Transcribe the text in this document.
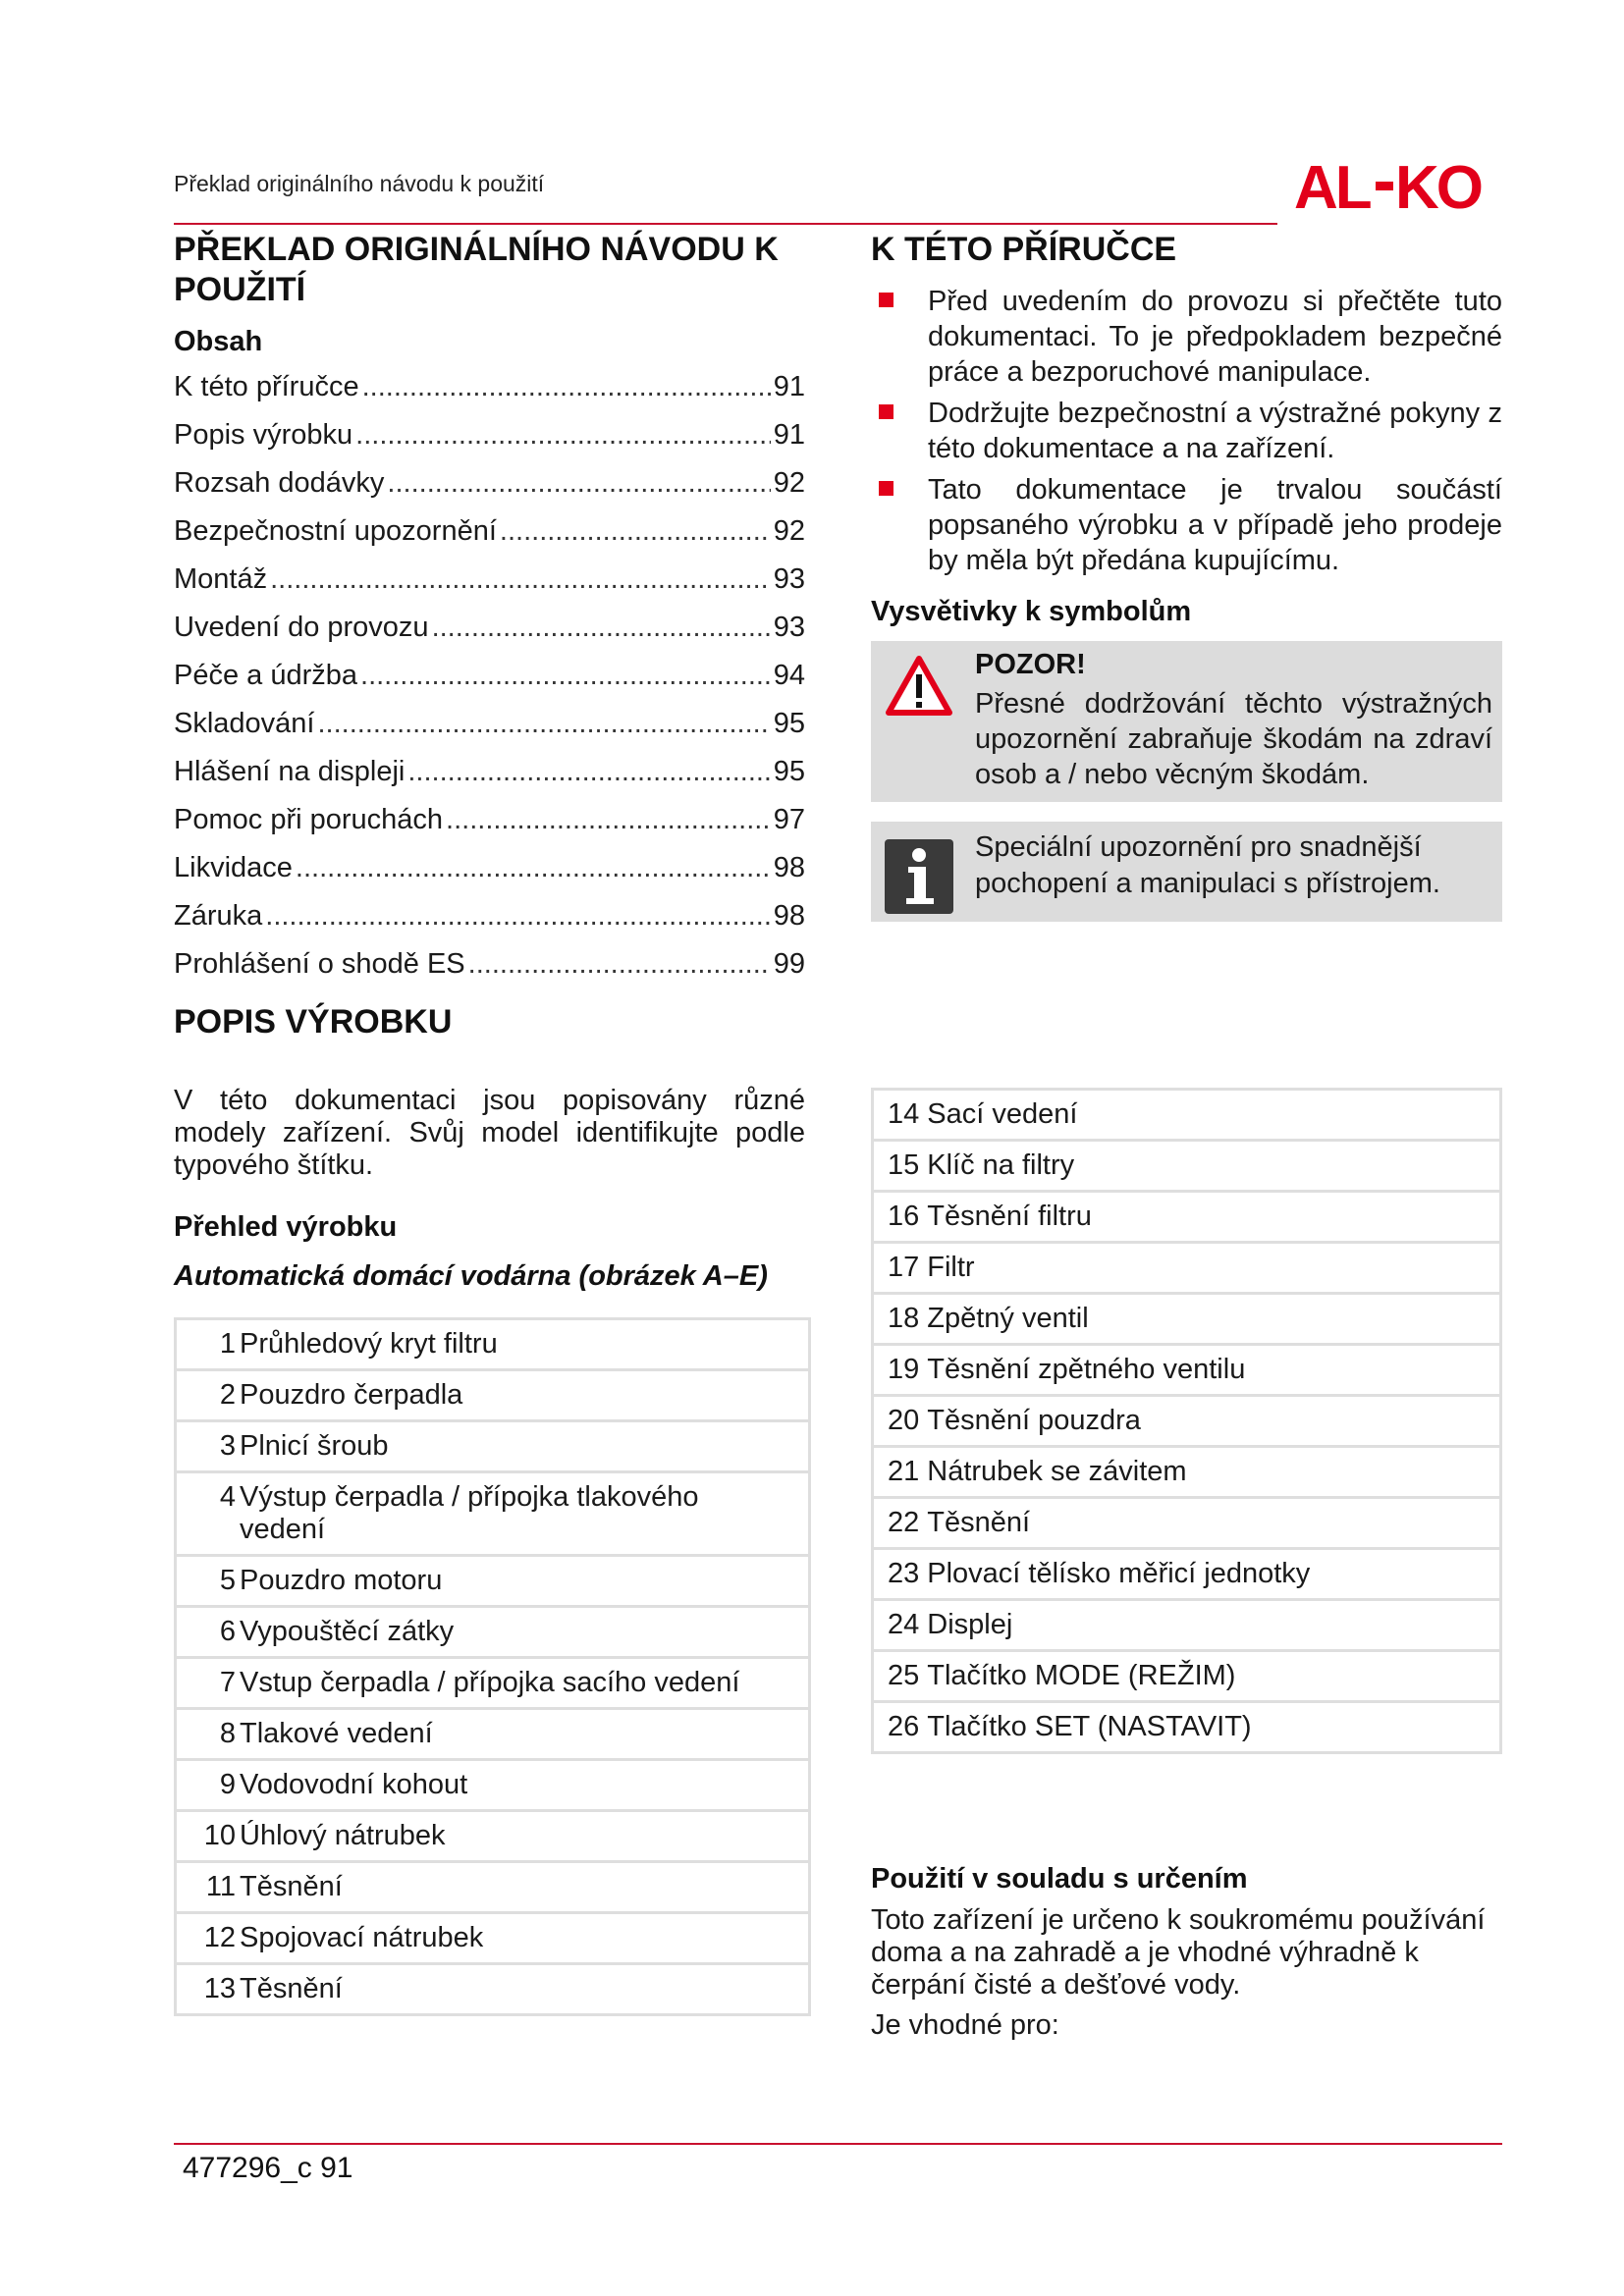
Překlad originálního návodu k použití	AL KO
PŘEKLAD ORIGINÁLNÍHO NÁVODU K POUŽITÍ
Obsah
K této příručce .....	91
Popis výrobku .....	91
Rozsah dodávky .....	92
Bezpečnostní upozornění .....	92
Montáž .....	93
Uvedení do provozu .....	93
Péče a údržba .....	94
Skladování .....	95
Hlášení na displeji .....	95
Pomoc při poruchách .....	97
Likvidace .....	98
Záruka .....	98
Prohlášení o shodě ES .....	99
POPIS VÝROBKU

V této dokumentaci jsou popisovány různé modely zařízení. Svůj model identifikujte podle typového štítku.

Přehled výrobku
Automatická domácí vodárna (obrázek A–E)
1 Průhledový kryt filtru
2 Pouzdro čerpadla
3 Plnicí šroub
4 Výstup čerpadla / přípojka tlakového vedení
5 Pouzdro motoru
6 Vypouštěcí zátky
7 Vstup čerpadla / přípojka sacího vedení
8 Tlakové vedení
9 Vodovodní kohout
10 Úhlový nátrubek
11 Těsnění
12 Spojovací nátrubek
13 Těsnění
K TÉTO PŘÍRUČCE
Před uvedením do provozu si přečtěte tuto dokumentaci. To je předpokladem bezpečné práce a bezporuchové manipulace.
Dodržujte bezpečnostní a výstražné pokyny z této dokumentace a na zařízení.
Tato dokumentace je trvalou součástí popsaného výrobku a v případě jeho prodeje by měla být předána kupujícímu.
Vysvětivky k symbolům
POZOR!
Přesné dodržování těchto výstražných upozornění zabraňuje škodám na zdraví osob a / nebo věcným škodám.
Speciální upozornění pro snadnější pochopení a manipulaci s přístrojem.
14 Sací vedení
15 Klíč na filtry
16 Těsnění filtru
17 Filtr
18 Zpětný ventil
19 Těsnění zpětného ventilu
20 Těsnění pouzdra
21 Nátrubek se závitem
22 Těsnění
23 Plovací tělísko měřicí jednotky
24 Displej
25 Tlačítko MODE (REŽIM)
26 Tlačítko SET (NASTAVIT)
Použití v souladu s určením
Toto zařízení je určeno k soukromému používání doma a na zahradě a je vhodné výhradně k čerpání čisté a dešťové vody.
Je vhodné pro:
477296_c 91
